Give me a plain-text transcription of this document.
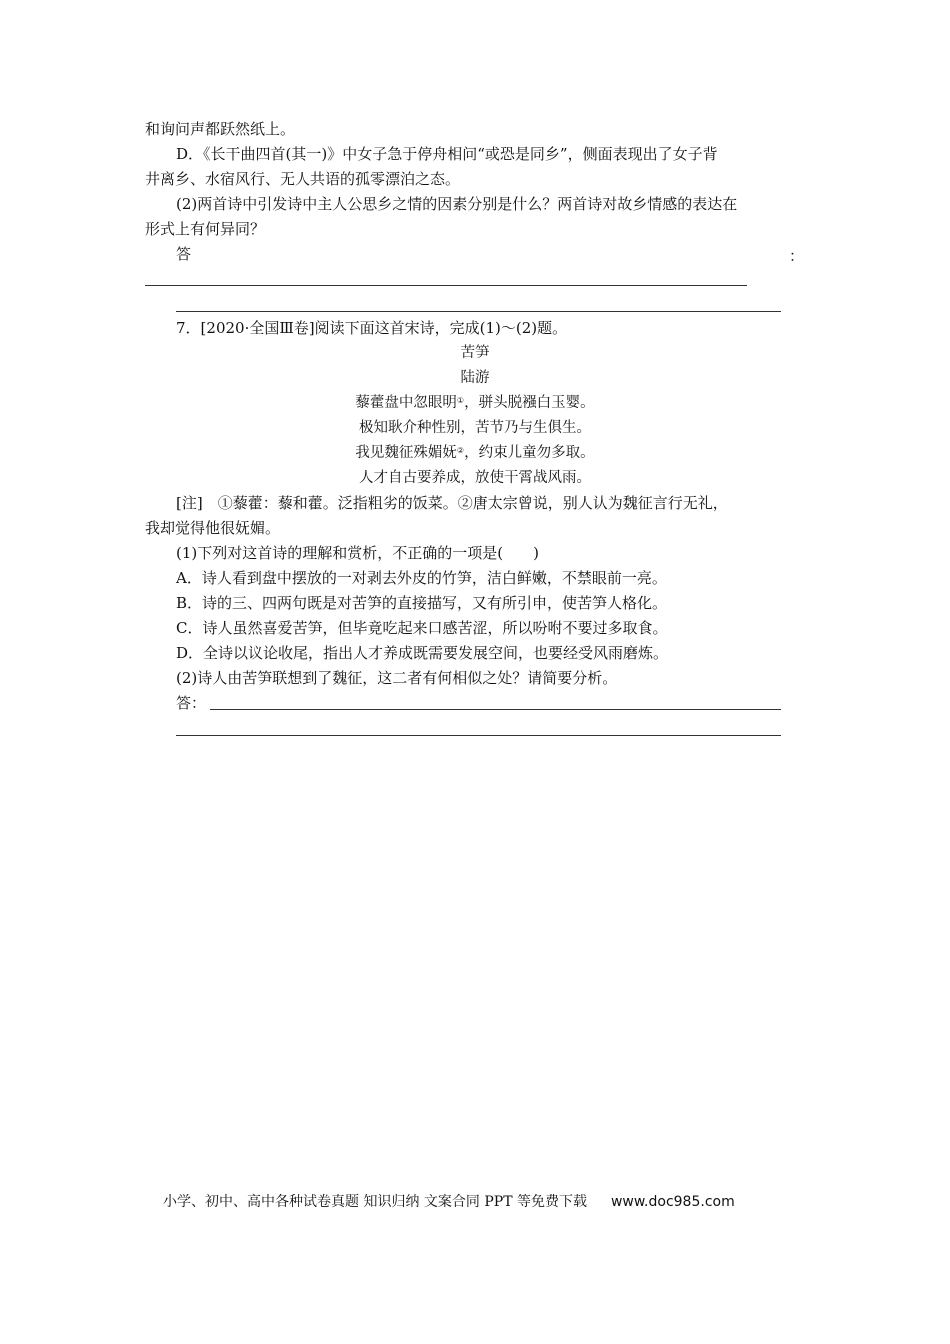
和询问声都跃然纸上。
D．《长干曲四首(其一)》中女子急于停舟相问“或恐是同乡”，侧面表现出了女子背
井离乡、水宿风行、无人共语的孤零漂泊之态。
(2)两首诗中引发诗中主人公思乡之情的因素分别是什么？两首诗对故乡情感的表达在
形式上有何异同？
答	：
7．[2020·全国Ⅲ卷]阅读下面这首宋诗，完成(1)～(2)题。
苦笋
陆游
藜藿盘中忽眼明①，骈头脱襁白玉婴。
极知耿介种性别，苦节乃与生俱生。
我见魏征殊媚妩②，约束儿童勿多取。
人才自古要养成，放使干霄战风雨。
[注]　①藜藿：藜和藿。泛指粗劣的饭菜。②唐太宗曾说，别人认为魏征言行无礼，
我却觉得他很妩媚。
(1)下列对这首诗的理解和赏析，不正确的一项是(　　)
A．诗人看到盘中摆放的一对剥去外皮的竹笋，洁白鲜嫩，不禁眼前一亮。
B．诗的三、四两句既是对苦笋的直接描写，又有所引申，使苦笋人格化。
C．诗人虽然喜爱苦笋，但毕竟吃起来口感苦涩，所以吩咐不要过多取食。
D．全诗以议论收尾，指出人才养成既需要发展空间，也要经受风雨磨炼。
(2)诗人由苦笋联想到了魏征，这二者有何相似之处？请简要分析。
答：
小学、初中、高中各种试卷真题 知识归纳 文案合同 PPT 等免费下载 www.doc985.com
